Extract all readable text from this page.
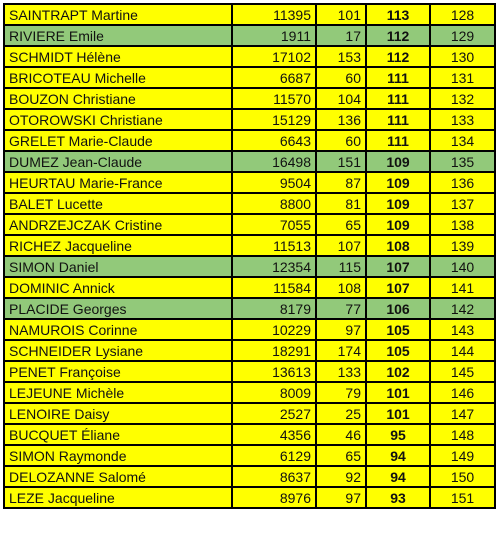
SAINTRAPT Martine	11395	101	113	128
RIVIERE Emile	1911	17	112	129
SCHMIDT Hélène	17102	153	112	130
BRICOTEAU Michelle	6687	60	111	131
BOUZON Christiane	11570	104	111	132
OTOROWSKI Christiane	15129	136	111	133
GRELET Marie-Claude	6643	60	111	134
DUMEZ Jean-Claude	16498	151	109	135
HEURTAU Marie-France	9504	87	109	136
BALET Lucette	8800	81	109	137
ANDRZEJCZAK Cristine	7055	65	109	138
RICHEZ Jacqueline	11513	107	108	139
SIMON Daniel	12354	115	107	140
DOMINIC Annick	11584	108	107	141
PLACIDE Georges	8179	77	106	142
NAMUROIS Corinne	10229	97	105	143
SCHNEIDER Lysiane	18291	174	105	144
PENET Françoise	13613	133	102	145
LEJEUNE Michèle	8009	79	101	146
LENOIRE Daisy	2527	25	101	147
BUCQUET Éliane	4356	46	95	148
SIMON Raymonde	6129	65	94	149
DELOZANNE Salomé	8637	92	94	150
LEZE Jacqueline	8976	97	93	151
